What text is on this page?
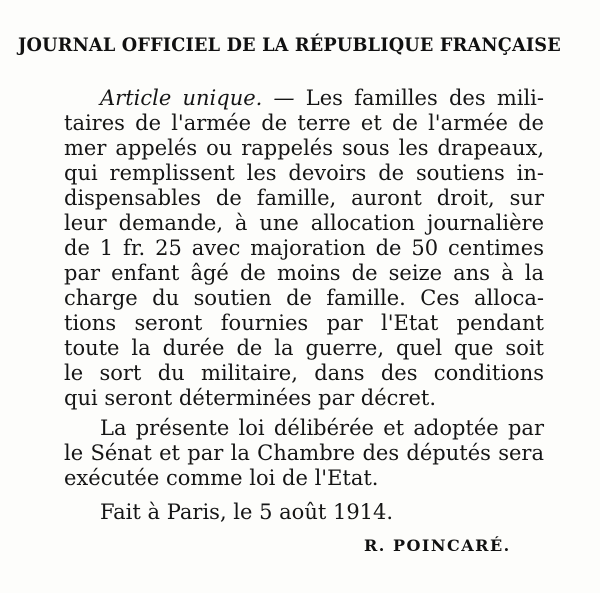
JOURNAL OFFICIEL DE LA RÉPUBLIQUE FRANÇAISE
Article unique. — Les familles des mili-
taires de l'armée de terre et de l'armée de
mer appelés ou rappelés sous les drapeaux,
qui remplissent les devoirs de soutiens in-
dispensables de famille, auront droit, sur
leur demande, à une allocation journalière
de 1 fr. 25 avec majoration de 50 centimes
par enfant âgé de moins de seize ans à la
charge du soutien de famille. Ces alloca-
tions seront fournies par l'Etat pendant
toute la durée de la guerre, quel que soit
le sort du militaire, dans des conditions
qui seront déterminées par décret.
La présente loi délibérée et adoptée par
le Sénat et par la Chambre des députés sera
exécutée comme loi de l'Etat.
Fait à Paris, le 5 août 1914.
R. POINCARÉ.
